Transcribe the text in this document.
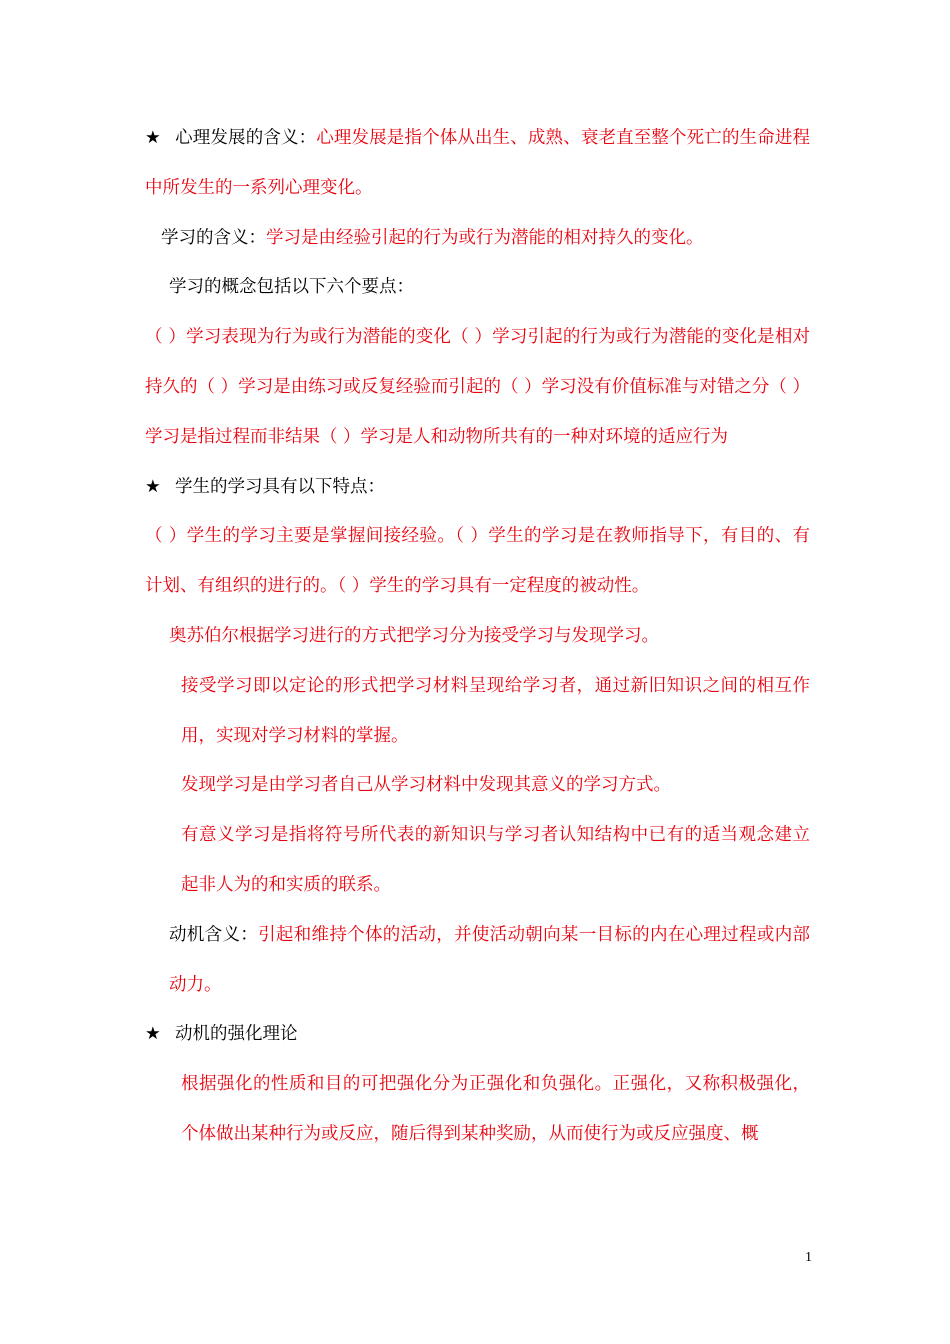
★ 心理发展的含义：心理发展是指个体从出生、成熟、衰老直至整个死亡的生命进程中所发生的一系列心理变化。

学习的含义：学习是由经验引起的行为或行为潜能的相对持久的变化。

学习的概念包括以下六个要点：

（ ）学习表现为行为或行为潜能的变化（ ）学习引起的行为或行为潜能的变化是相对持久的（ ）学习是由练习或反复经验而引起的（ ）学习没有价值标准与对错之分（ ）学习是指过程而非结果（ ）学习是人和动物所共有的一种对环境的适应行为

★ 学生的学习具有以下特点：

（ ）学生的学习主要是掌握间接经验。（ ）学生的学习是在教师指导下，有目的、有计划、有组织的进行的。（ ）学生的学习具有一定程度的被动性。

奥苏伯尔根据学习进行的方式把学习分为接受学习与发现学习。

接受学习即以定论的形式把学习材料呈现给学习者，通过新旧知识之间的相互作用，实现对学习材料的掌握。

发现学习是由学习者自己从学习材料中发现其意义的学习方式。

有意义学习是指将符号所代表的新知识与学习者认知结构中已有的适当观念建立起非人为的和实质的联系。

动机含义：引起和维持个体的活动，并使活动朝向某一目标的内在心理过程或内部动力。

★ 动机的强化理论

根据强化的性质和目的可把强化分为正强化和负强化。正强化，又称积极强化，个体做出某种行为或反应，随后得到某种奖励，从而使行为或反应强度、概

1
